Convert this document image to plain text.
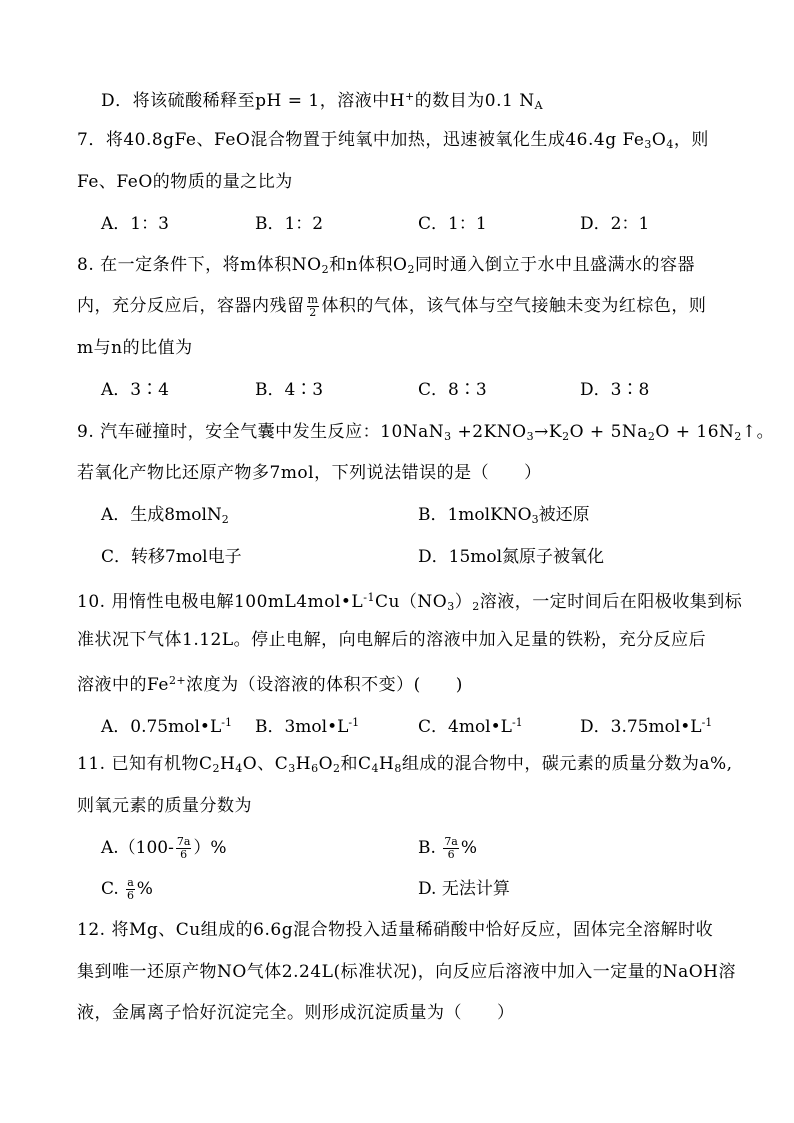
D．将该硫酸稀释至pH = 1，溶液中H+的数目为0.1 $N_A$
7．将40.8gFe、FeO混合物置于纯氧中加热，迅速被氧化生成46.4g $Fe_3O_4$，则
Fe、FeO的物质的量之比为
A．1：3	B．1：2	C．1：1	D．2：1
8. 在一定条件下，将m体积$NO_2$和n体积$O_2$同时通入倒立于水中且盛满水的容器
内，充分反应后，容器内残留 $\frac{m}{2}$ 体积的气体，该气体与空气接触未变为红棕色，则
m与n的比值为
A．3∶4	B．4∶3	C．8∶3	D．3∶8
9. 汽车碰撞时，安全气囊中发生反应：$10NaN_3 +2KNO_3\to K_2O + 5Na_2O$ + $16N_2↑$。
若氧化产物比还原产物多7mol，下列说法错误的是（　　）
A．生成8molN$_2$	B．1molKNO$_3$被还原
C．转移7mol电子	D．15mol氮原子被氧化
10. 用惰性电极电解$100mL4mol•L^{-1}Cu(NO_3)_2$溶液，一定时间后在阳极收集到标
准状况下气体1.12L。停止电解，向电解后的溶液中加入足量的铁粉，充分反应后
溶液中的$Fe^{2+}$浓度为（设溶液的体积不变）(　　)
A．$0.75mol•L^{-1}$ B．$3mol•L^{-1}$	C．$4mol•L^{-1}$	D．$3.75mol•L^{-1}$
11. 已知有机物$C_2H_4O$、$C_3H_6O_2$和$C_4H_8$组成的混合物中，碳元素的质量分数为a%,
则氧元素的质量分数为
$A.(100- \frac{7a}{6}$ ）%	B. $\frac{7a}{6}$ %
C. $\frac{a}{6}$ %	D. 无法计算
12. 将Mg、Cu组成的6.6g混合物投入适量稀硝酸中恰好反应，固体完全溶解时收
集到唯一还原产物NO气体2.24L(标准状况)，向反应后溶液中加入一定量的NaOH溶
液，金属离子恰好沉淀完全。则形成沉淀质量为（　　）
